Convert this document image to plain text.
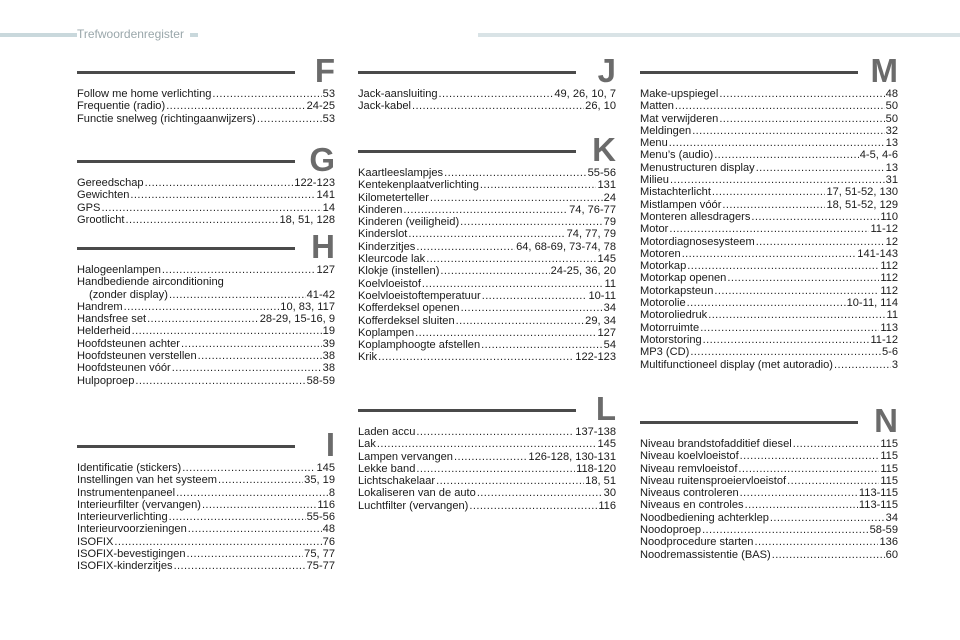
Trefwoordenregister
F
Follow me home verlichting .....	53
Frequentie (radio) .....	24-25
Functie snelweg (richtingaanwijzers) .....	53
G
Gereedschap .....	122-123
Gewichten .....	141
GPS .....	14
Grootlicht .....	18, 51, 128
H
Halogeenlampen .....	127
Handbediende airconditioning
(zonder display) .....	41-42
Handrem .....	10, 83, 117
Handsfree set .....	28-29, 15-16, 9
Helderheid .....	19
Hoofdsteunen achter .....	39
Hoofdsteunen verstellen .....	38
Hoofdsteunen vóór .....	38
Hulpoproep .....	58-59
I
Identificatie (stickers) .....	145
Instellingen van het systeem .....	35, 19
Instrumentenpaneel .....	8
Interieurfilter (vervangen) .....	116
Interieurverlichting .....	55-56
Interieurvoorzieningen .....	48
ISOFIX .....	76
ISOFIX-bevestigingen .....	75, 77
ISOFIX-kinderzitjes .....	75-77
J
Jack-aansluiting .....	49, 26, 10, 7
Jack-kabel .....	26, 10
K
Kaartleeslampjes .....	55-56
Kentekenplaatverlichting .....	131
Kilometerteller .....	24
Kinderen .....	74, 76-77
Kinderen (veiligheid) .....	79
Kinderslot .....	74, 77, 79
Kinderzitjes .....	64, 68-69, 73-74, 78
Kleurcode lak .....	145
Klokje (instellen) .....	24-25, 36, 20
Koelvloeistof .....	11
Koelvloeistoftemperatuur .....	10-11
Kofferdeksel openen .....	34
Kofferdeksel sluiten .....	29, 34
Koplampen .....	127
Koplamphoogte afstellen .....	54
Krik .....	122-123
L
Laden accu .....	137-138
Lak .....	145
Lampen vervangen .....	126-128, 130-131
Lekke band .....	118-120
Lichtschakelaar .....	18, 51
Lokaliseren van de auto .....	30
Luchtfilter (vervangen) .....	116
M
Make-upspiegel .....	48
Matten .....	50
Mat verwijderen .....	50
Meldingen .....	32
Menu .....	13
Menu’s (audio) .....	4-5, 4-6
Menustructuren display .....	13
Milieu .....	31
Mistachterlicht .....	17, 51-52, 130
Mistlampen vóór .....	18, 51-52, 129
Monteren allesdragers .....	110
Motor .....	11-12
Motordiagnosesysteem .....	12
Motoren .....	141-143
Motorkap .....	112
Motorkap openen .....	112
Motorkapsteun .....	112
Motorolie .....	10-11, 114
Motoroliedruk .....	11
Motorruimte .....	113
Motorstoring .....	11-12
MP3 (CD) .....	5-6
Multifunctioneel display (met autoradio) .....	3
N
Niveau brandstofadditief diesel .....	115
Niveau koelvloeistof .....	115
Niveau remvloeistof .....	115
Niveau ruitensproeiervloeistof .....	115
Niveaus controleren .....	113-115
Niveaus en controles .....	113-115
Noodbediening achterklep .....	34
Noodoproep .....	58-59
Noodprocedure starten .....	136
Noodremassistentie (BAS) .....	60
